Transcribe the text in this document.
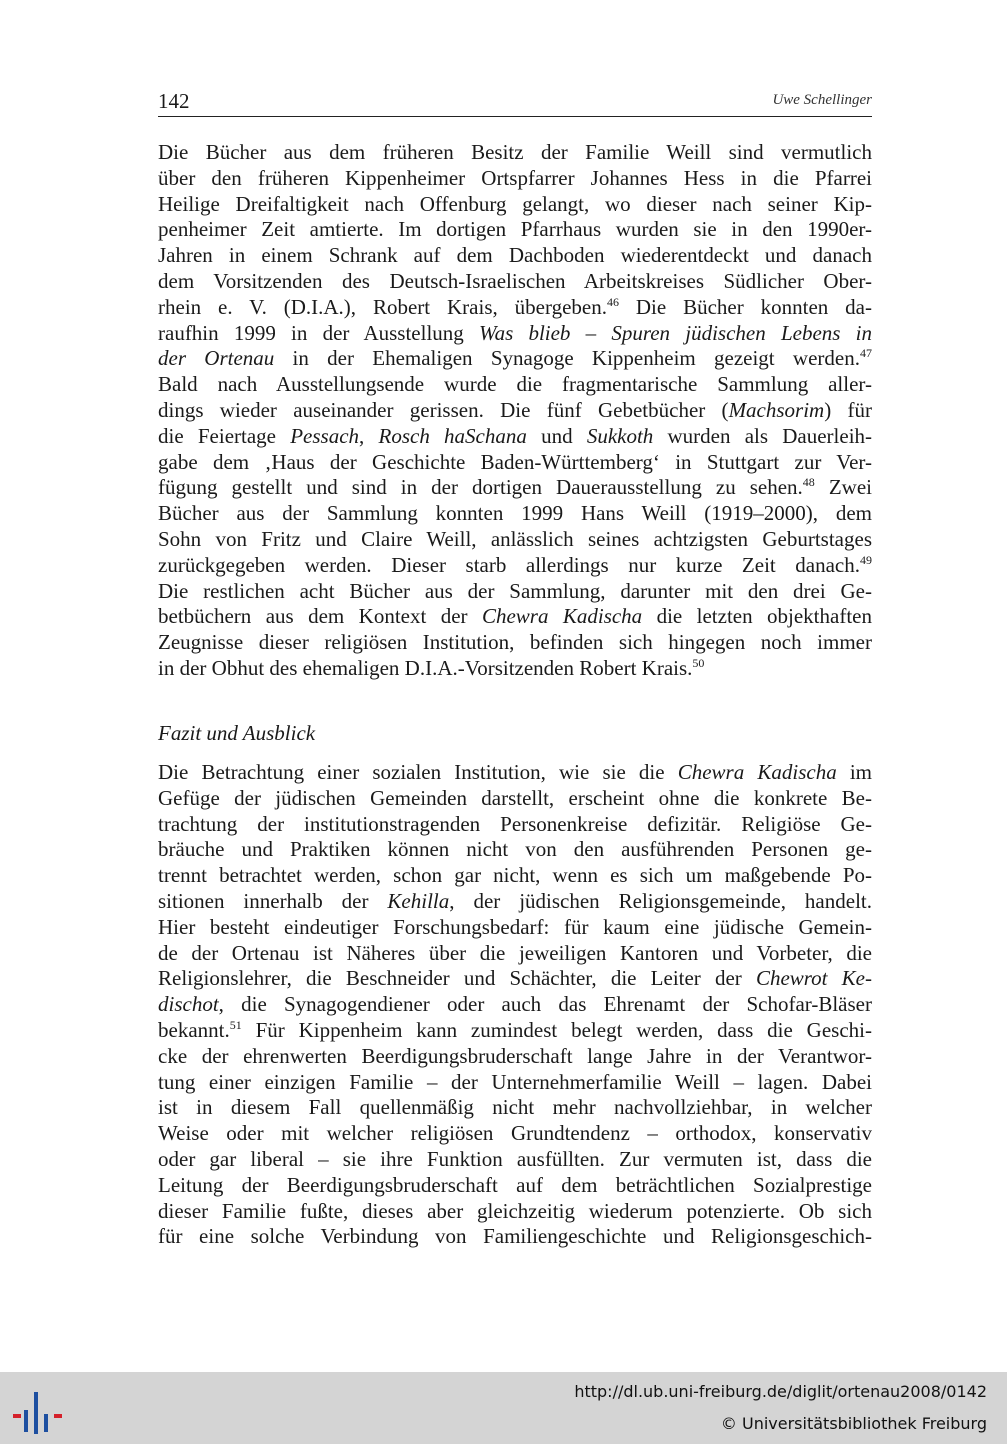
142	Uwe Schellinger
Die Bücher aus dem früheren Besitz der Familie Weill sind vermutlich
über den früheren Kippenheimer Ortspfarrer Johannes Hess in die Pfarrei
Heilige Dreifaltigkeit nach Offenburg gelangt, wo dieser nach seiner Kip-
penheimer Zeit amtierte. Im dortigen Pfarrhaus wurden sie in den 1990er-
Jahren in einem Schrank auf dem Dachboden wiederentdeckt und danach
dem Vorsitzenden des Deutsch-Israelischen Arbeitskreises Südlicher Ober-
rhein e. V. (D.I.A.), Robert Krais, übergeben.$^{46}$ Die Bücher konnten da-
raufhin 1999 in der Ausstellung Was blieb – Spuren jüdischen Lebens in
der Ortenau in der Ehemaligen Synagoge Kippenheim gezeigt werden.$^{47}$
Bald nach Ausstellungsende wurde die fragmentarische Sammlung aller-
dings wieder auseinander gerissen. Die fünf Gebetbücher (Machsorim) für
die Feiertage Pessach, Rosch haSchana und Sukkoth wurden als Dauerleih-
gabe dem ‚Haus der Geschichte Baden-Württemberg‘ in Stuttgart zur Ver-
fügung gestellt und sind in der dortigen Dauerausstellung zu sehen.$^{48}$ Zwei
Bücher aus der Sammlung konnten 1999 Hans Weill (1919–2000), dem
Sohn von Fritz und Claire Weill, anlässlich seines achtzigsten Geburtstages
zurückgegeben werden. Dieser starb allerdings nur kurze Zeit danach.$^{49}$
Die restlichen acht Bücher aus der Sammlung, darunter mit den drei Ge-
betbüchern aus dem Kontext der Chewra Kadischa die letzten objekthaften
Zeugnisse dieser religiösen Institution, befinden sich hingegen noch immer
in der Obhut des ehemaligen D.I.A.-Vorsitzenden Robert Krais.$^{50}$
Fazit und Ausblick
Die Betrachtung einer sozialen Institution, wie sie die Chewra Kadischa im
Gefüge der jüdischen Gemeinden darstellt, erscheint ohne die konkrete Be-
trachtung der institutionstragenden Personenkreise defizitär. Religiöse Ge-
bräuche und Praktiken können nicht von den ausführenden Personen ge-
trennt betrachtet werden, schon gar nicht, wenn es sich um maßgebende Po-
sitionen innerhalb der Kehilla, der jüdischen Religionsgemeinde, handelt.
Hier besteht eindeutiger Forschungsbedarf: für kaum eine jüdische Gemein-
de der Ortenau ist Näheres über die jeweiligen Kantoren und Vorbeter, die
Religionslehrer, die Beschneider und Schächter, die Leiter der Chewrot Ke-
dischot, die Synagogendiener oder auch das Ehrenamt der Schofar-Bläser
bekannt.$^{51}$ Für Kippenheim kann zumindest belegt werden, dass die Geschi-
cke der ehrenwerten Beerdigungsbruderschaft lange Jahre in der Verantwor-
tung einer einzigen Familie – der Unternehmerfamilie Weill – lagen. Dabei
ist in diesem Fall quellenmäßig nicht mehr nachvollziehbar, in welcher
Weise oder mit welcher religiösen Grundtendenz – orthodox, konservativ
oder gar liberal – sie ihre Funktion ausfüllten. Zur vermuten ist, dass die
Leitung der Beerdigungsbruderschaft auf dem beträchtlichen Sozialprestige
dieser Familie fußte, dieses aber gleichzeitig wiederum potenzierte. Ob sich
für eine solche Verbindung von Familiengeschichte und Religionsgeschich-
http://dl.ub.uni-freiburg.de/diglit/ortenau2008/0142
© Universitätsbibliothek Freiburg
